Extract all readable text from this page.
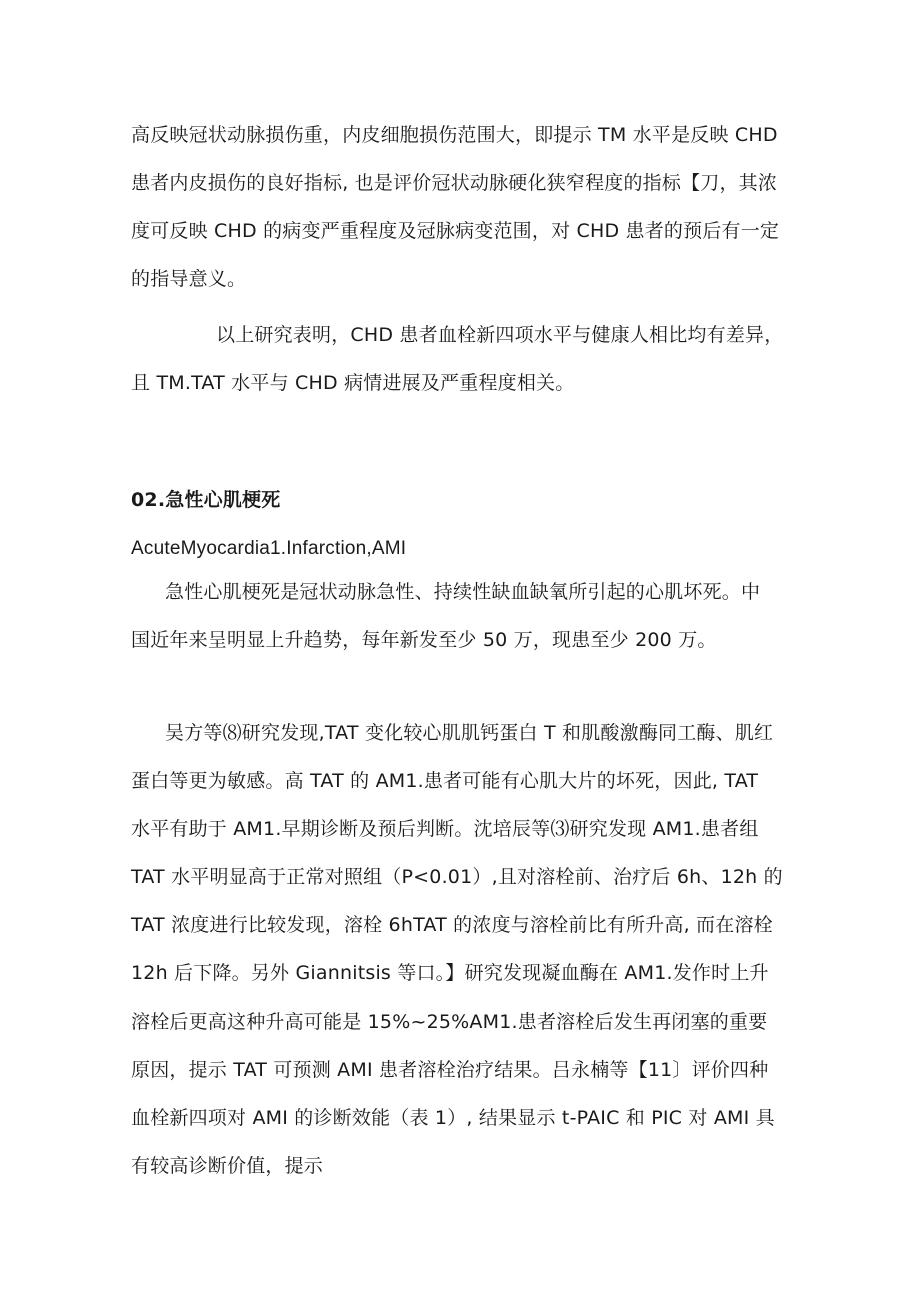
高反映冠状动脉损伤重，内皮细胞损伤范围大，即提示 TM 水平是反映 CHD
患者内皮损伤的良好指标, 也是评价冠状动脉硬化狭窄程度的指标【刀，其浓
度可反映 CHD 的病变严重程度及冠脉病变范围，对 CHD 患者的预后有一定
的指导意义。
以上研究表明，CHD 患者血栓新四项水平与健康人相比均有差异，
且 TM.TAT 水平与 CHD 病情进展及严重程度相关。
02.急性心肌梗死
AcuteMyocardia1.Infarction,AMI
急性心肌梗死是冠状动脉急性、持续性缺血缺氧所引起的心肌坏死。中
国近年来呈明显上升趋势，每年新发至少 50 万，现患至少 200 万。
吴方等⑻研究发现,TAT 变化较心肌肌钙蛋白 T 和肌酸激酶同工酶、肌红
蛋白等更为敏感。高 TAT 的 AM1.患者可能有心肌大片的坏死，因此, TAT
水平有助于 AM1.早期诊断及预后判断。沈培辰等⑶研究发现 AM1.患者组
TAT 水平明显高于正常对照组（P<0.01）,且对溶栓前、治疗后 6h、12h 的
TAT 浓度进行比较发现，溶栓 6hTAT 的浓度与溶栓前比有所升高, 而在溶栓
12h 后下降。另外 Giannitsis 等口。】研究发现凝血酶在 AM1.发作时上升
溶栓后更高这种升高可能是 15%~25%AM1.患者溶栓后发生再闭塞的重要
原因，提示 TAT 可预测 AMI 患者溶栓治疗结果。吕永楠等【11〕评价四种
血栓新四项对 AMI 的诊断效能（表 1）, 结果显示 t-PAIC 和 PIC 对 AMI 具
有较高诊断价值，提示
